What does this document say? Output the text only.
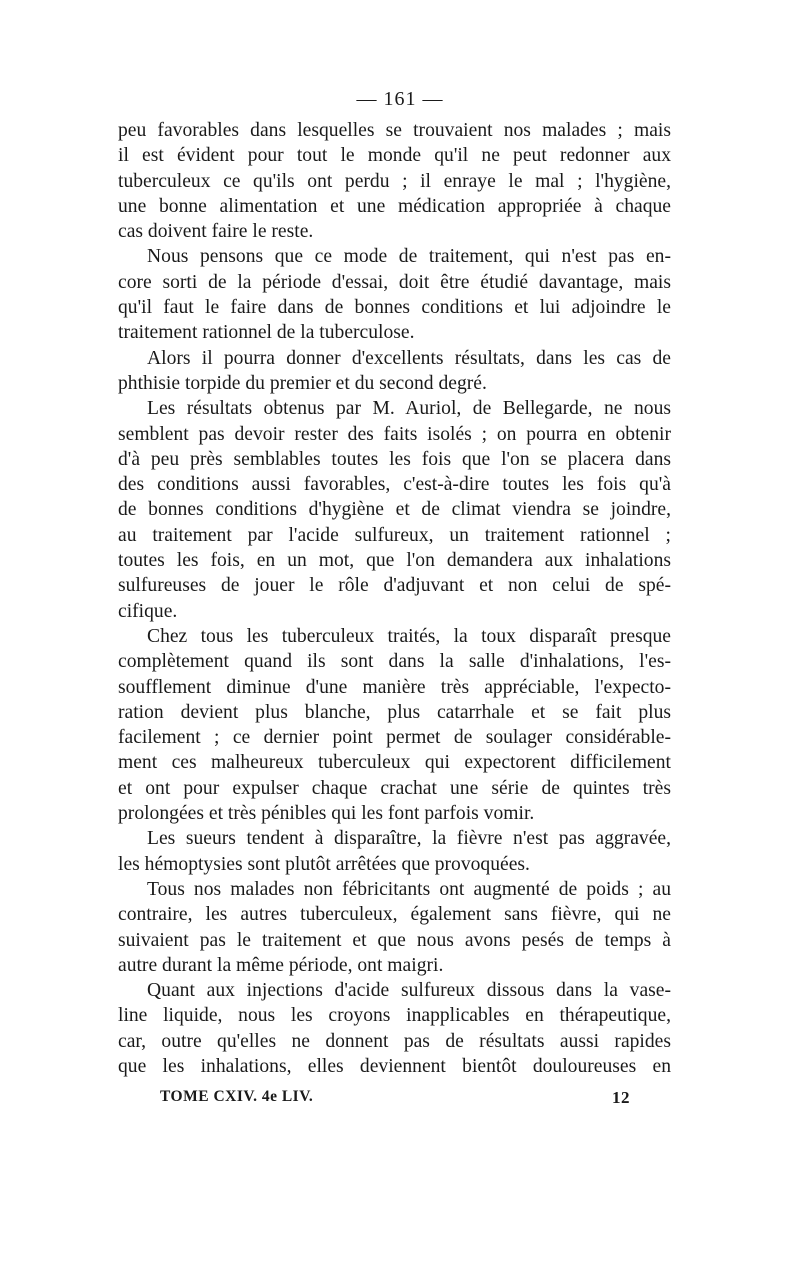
— 161 —
peu favorables dans lesquelles se trouvaient nos malades ; mais
il est évident pour tout le monde qu'il ne peut redonner aux
tuberculeux ce qu'ils ont perdu ; il enraye le mal ; l'hygiène,
une bonne alimentation et une médication appropriée à chaque
cas doivent faire le reste.
Nous pensons que ce mode de traitement, qui n'est pas en-
core sorti de la période d'essai, doit être étudié davantage, mais
qu'il faut le faire dans de bonnes conditions et lui adjoindre le
traitement rationnel de la tuberculose.
Alors il pourra donner d'excellents résultats, dans les cas de
phthisie torpide du premier et du second degré.
Les résultats obtenus par M. Auriol, de Bellegarde, ne nous
semblent pas devoir rester des faits isolés ; on pourra en obtenir
d'à peu près semblables toutes les fois que l'on se placera dans
des conditions aussi favorables, c'est-à-dire toutes les fois qu'à
de bonnes conditions d'hygiène et de climat viendra se joindre,
au traitement par l'acide sulfureux, un traitement rationnel ;
toutes les fois, en un mot, que l'on demandera aux inhalations
sulfureuses de jouer le rôle d'adjuvant et non celui de spé-
cifique.
Chez tous les tuberculeux traités, la toux disparaît presque
complètement quand ils sont dans la salle d'inhalations, l'es-
soufflement diminue d'une manière très appréciable, l'expecto-
ration devient plus blanche, plus catarrhale et se fait plus
facilement ; ce dernier point permet de soulager considérable-
ment ces malheureux tuberculeux qui expectorent difficilement
et ont pour expulser chaque crachat une série de quintes très
prolongées et très pénibles qui les font parfois vomir.
Les sueurs tendent à disparaître, la fièvre n'est pas aggravée,
les hémoptysies sont plutôt arrêtées que provoquées.
Tous nos malades non fébricitants ont augmenté de poids ; au
contraire, les autres tuberculeux, également sans fièvre, qui ne
suivaient pas le traitement et que nous avons pesés de temps à
autre durant la même période, ont maigri.
Quant aux injections d'acide sulfureux dissous dans la vase-
line liquide, nous les croyons inapplicables en thérapeutique,
car, outre qu'elles ne donnent pas de résultats aussi rapides
que les inhalations, elles deviennent bientôt douloureuses en
TOME CXIV. 4e LIV.	12
